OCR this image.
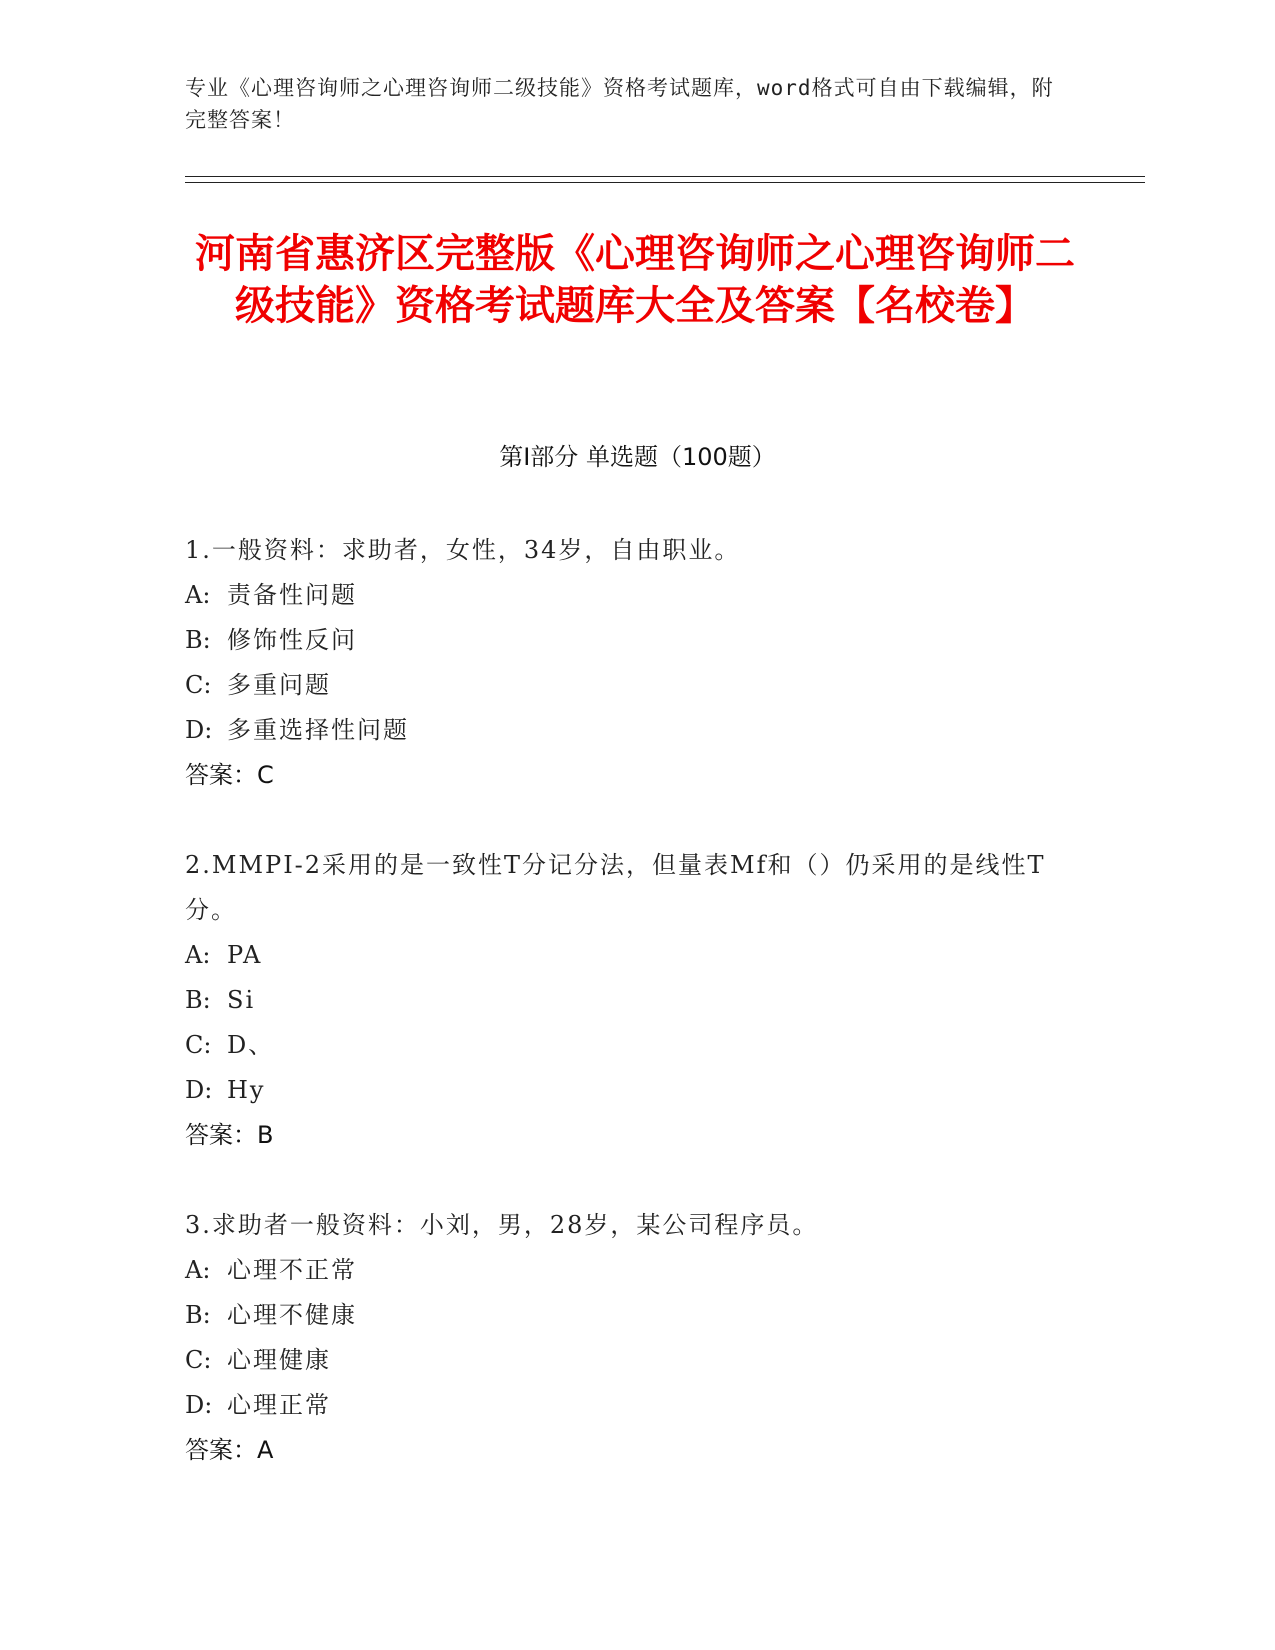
专业《心理咨询师之心理咨询师二级技能》资格考试题库，word格式可自由下载编辑，附完整答案！
河南省惠济区完整版《心理咨询师之心理咨询师二级技能》资格考试题库大全及答案【名校卷】
第Ⅰ部分 单选题（100题）

1.一般资料：求助者，女性，34岁，自由职业。

A: 责备性问题

B: 修饰性反问

C: 多重问题

D: 多重选择性问题

答案：C

2.MMPI-2采用的是一致性T分记分法，但量表Mf和（）仍采用的是线性T分。

A: PA

B: Si

C: D、

D: Hy

答案：B

3.求助者一般资料：小刘，男，28岁，某公司程序员。

A: 心理不正常

B: 心理不健康

C: 心理健康

D: 心理正常

答案：A
